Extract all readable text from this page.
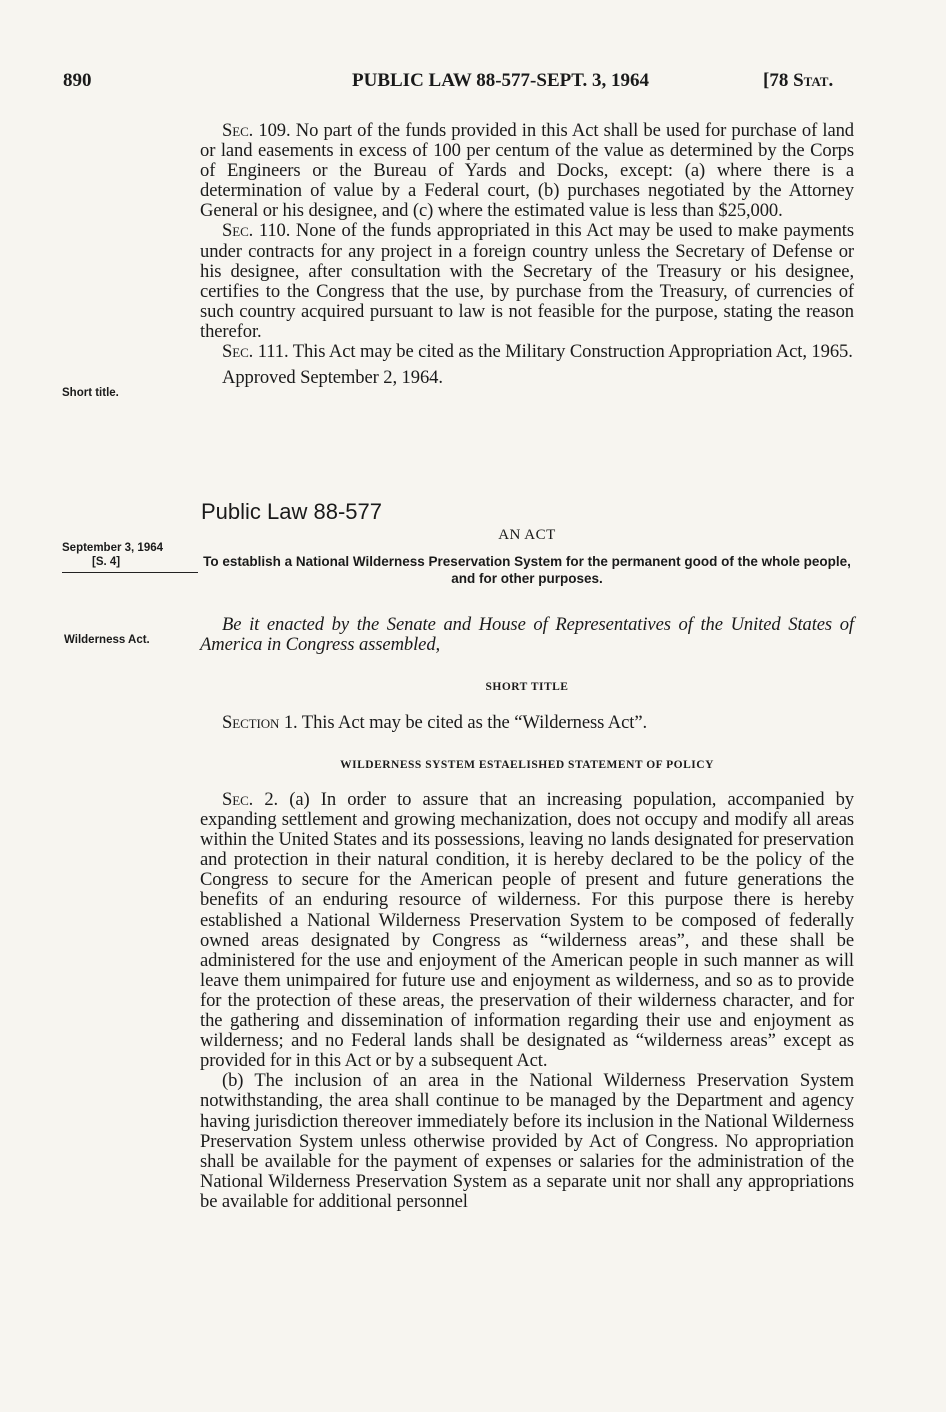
890	PUBLIC LAW 88-577-SEPT. 3, 1964	[78 Stat.

Sec. 109. No part of the funds provided in this Act shall be used for purchase of land or land easements in excess of 100 per centum of the value as determined by the Corps of Engineers or the Bureau of Yards and Docks, except: (a) where there is a determination of value by a Federal court, (b) purchases negotiated by the Attorney General or his designee, and (c) where the estimated value is less than $25,000.

Sec. 110. None of the funds appropriated in this Act may be used to make payments under contracts for any project in a foreign country unless the Secretary of Defense or his designee, after consultation with the Secretary of the Treasury or his designee, certifies to the Congress that the use, by purchase from the Treasury, of currencies of such country acquired pursuant to law is not feasible for the purpose, stating the reason therefor.

Sec. 111. This Act may be cited as the Military Construction Appropriation Act, 1965.

Approved September 2, 1964.

Short title.
September 3, 1964
[S. 4]
Wilderness Act.
Public Law 88-577
AN ACT
To establish a National Wilderness Preservation System for the permanent good of the whole people, and for other purposes.

Be it enacted by the Senate and House of Representatives of the United States of America in Congress assembled,

SHORT TITLE

Section 1. This Act may be cited as the “Wilderness Act”.

WILDERNESS SYSTEM ESTAELISHED STATEMENT OF POLICY

Sec. 2. (a) In order to assure that an increasing population, accompanied by expanding settlement and growing mechanization, does not occupy and modify all areas within the United States and its possessions, leaving no lands designated for preservation and protection in their natural condition, it is hereby declared to be the policy of the Congress to secure for the American people of present and future generations the benefits of an enduring resource of wilderness. For this purpose there is hereby established a National Wilderness Preservation System to be composed of federally owned areas designated by Congress as “wilderness areas”, and these shall be administered for the use and enjoyment of the American people in such manner as will leave them unimpaired for future use and enjoyment as wilderness, and so as to provide for the protection of these areas, the preservation of their wilderness character, and for the gathering and dissemination of information regarding their use and enjoyment as wilderness; and no Federal lands shall be designated as “wilderness areas” except as provided for in this Act or by a subsequent Act.

(b) The inclusion of an area in the National Wilderness Preservation System notwithstanding, the area shall continue to be managed by the Department and agency having jurisdiction thereover immediately before its inclusion in the National Wilderness Preservation System unless otherwise provided by Act of Congress. No appropriation shall be available for the payment of expenses or salaries for the administration of the National Wilderness Preservation System as a separate unit nor shall any appropriations be available for additional personnel
